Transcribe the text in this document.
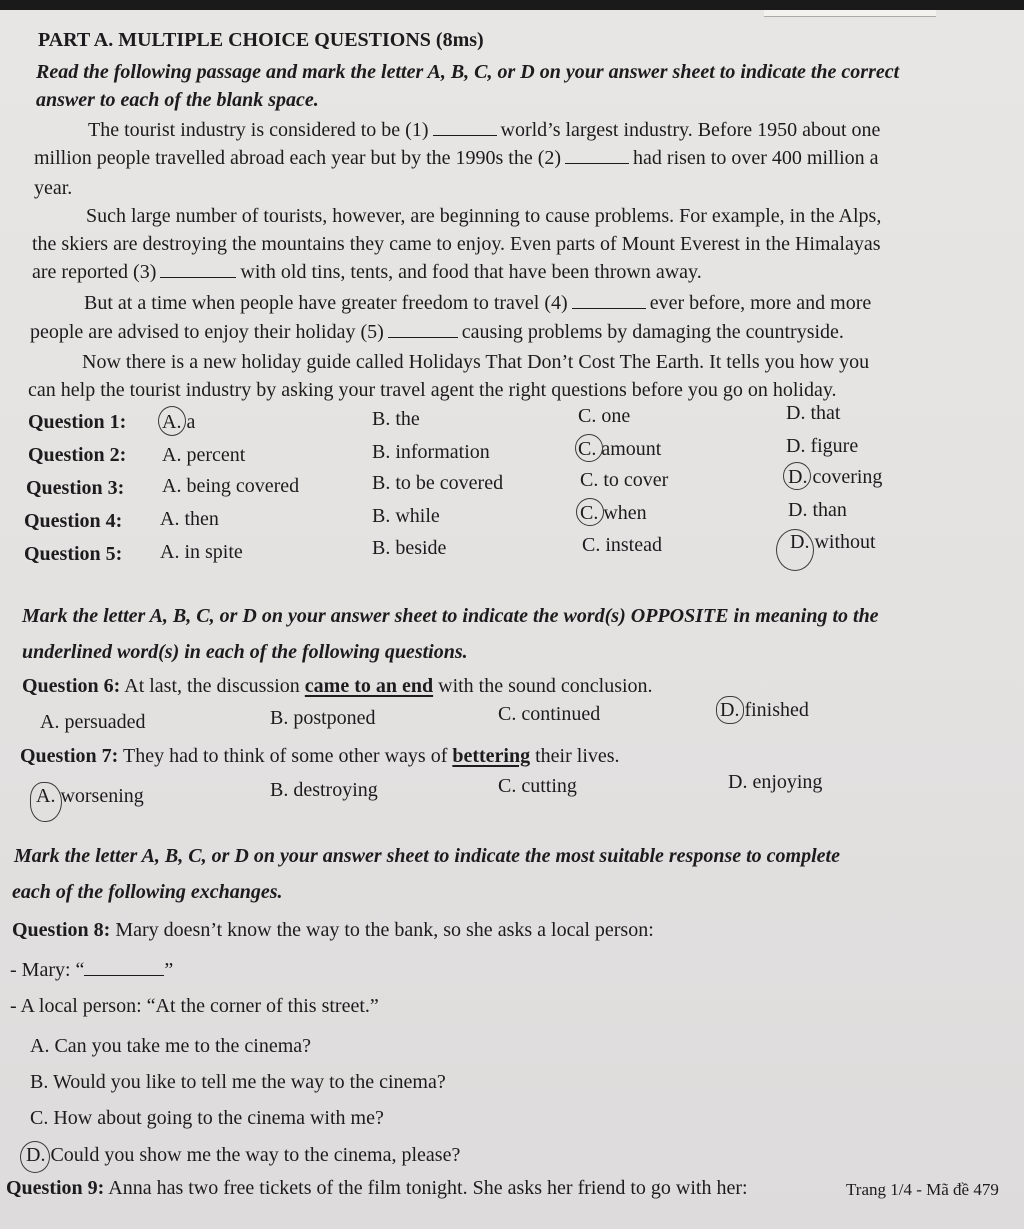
PART A. MULTIPLE CHOICE QUESTIONS (8ms)
Read the following passage and mark the letter A, B, C, or D on your answer sheet to indicate the correct
answer to each of the blank space.
The tourist industry is considered to be (1)	world’s largest industry. Before 1950 about one
million people travelled abroad each year but by the 1990s the (2)	had risen to over 400 million a
year.
Such large number of tourists, however, are beginning to cause problems. For example, in the Alps,
the skiers are destroying the mountains they came to enjoy. Even parts of Mount Everest in the Himalayas
are reported (3)	with old tins, tents, and food that have been thrown away.
But at a time when people have greater freedom to travel (4)	ever before, more and more
people are advised to enjoy their holiday (5)	causing problems by damaging the countryside.
Now there is a new holiday guide called Holidays That Don’t Cost The Earth. It tells you how you
can help the tourist industry by asking your travel agent the right questions before you go on holiday.
Question 1: A. a	B. the	C. one	D. that
Question 2: A. percent	B. information	C. amount	D. figure
Question 3: A. being covered	B. to be covered	C. to cover	D. covering
Question 4: A. then	B. while	C. when	D. than
Question 5: A. in spite	B. beside	C. instead	D. without
Mark the letter A, B, C, or D on your answer sheet to indicate the word(s) OPPOSITE in meaning to the
underlined word(s) in each of the following questions.
Question 6: At last, the discussion came to an end with the sound conclusion.
A. persuaded	B. postponed	C. continued	D. finished
Question 7: They had to think of some other ways of bettering their lives.
A. worsening	B. destroying	C. cutting	D. enjoying
Mark the letter A, B, C, or D on your answer sheet to indicate the most suitable response to complete
each of the following exchanges.
Question 8: Mary doesn’t know the way to the bank, so she asks a local person:
- Mary: “	”
- A local person: “At the corner of this street.”
A. Can you take me to the cinema?
B. Would you like to tell me the way to the cinema?
C. How about going to the cinema with me?
D. Could you show me the way to the cinema, please?
Question 9: Anna has two free tickets of the film tonight. She asks her friend to go with her:	Trang 1/4 - Mã đề 479
